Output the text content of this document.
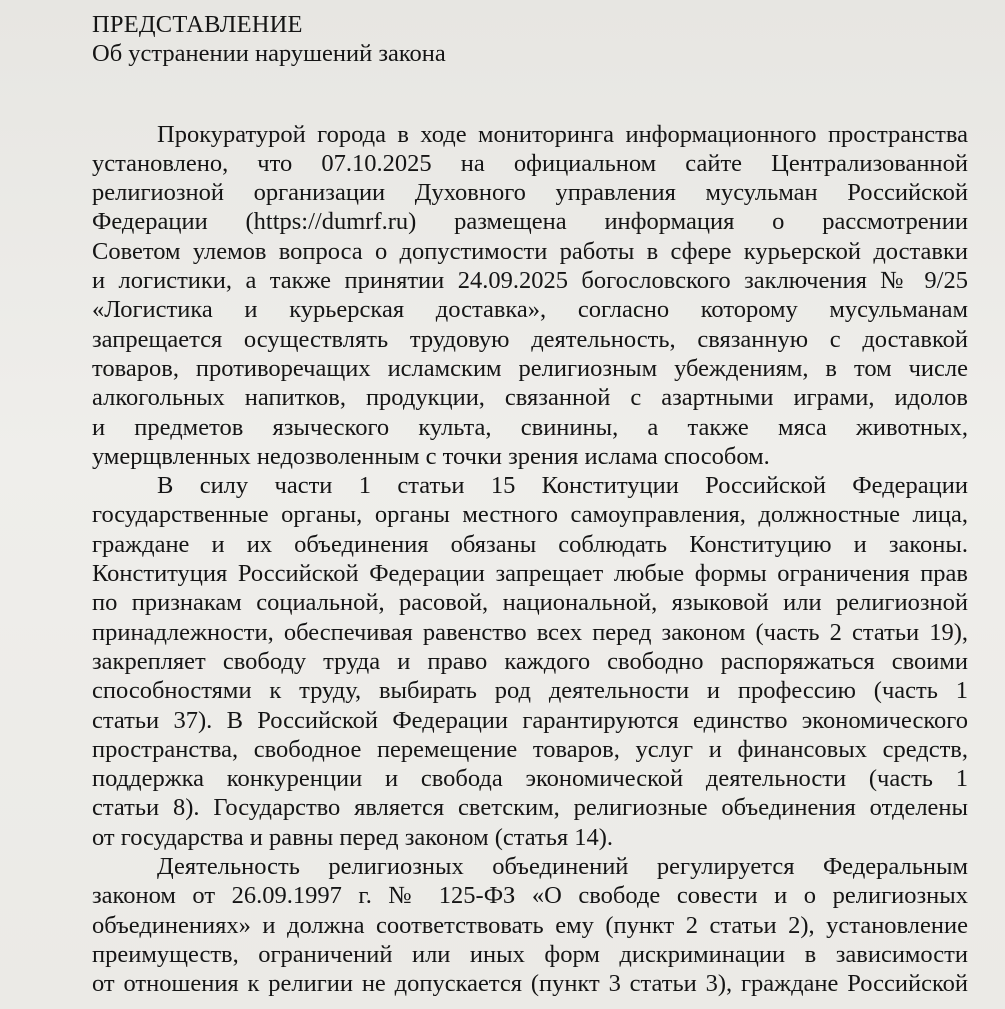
ПРЕДСТАВЛЕНИЕ
Об устранении нарушений закона

Прокуратурой города в ходе мониторинга информационного пространства
установлено, что 07.10.2025 на официальном сайте Централизованной
религиозной организации Духовного управления мусульман Российской
Федерации (https://dumrf.ru) размещена информация о рассмотрении
Советом улемов вопроса о допустимости работы в сфере курьерской доставки
и логистики, а также принятии 24.09.2025 богословского заключения № 9/25
«Логистика и курьерская доставка», согласно которому мусульманам
запрещается осуществлять трудовую деятельность, связанную с доставкой
товаров, противоречащих исламским религиозным убеждениям, в том числе
алкогольных напитков, продукции, связанной с азартными играми, идолов
и предметов языческого культа, свинины, а также мяса животных,
умерщвленных недозволенным с точки зрения ислама способом.

В силу части 1 статьи 15 Конституции Российской Федерации
государственные органы, органы местного самоуправления, должностные лица,
граждане и их объединения обязаны соблюдать Конституцию и законы.
Конституция Российской Федерации запрещает любые формы ограничения прав
по признакам социальной, расовой, национальной, языковой или религиозной
принадлежности, обеспечивая равенство всех перед законом (часть 2 статьи 19),
закрепляет свободу труда и право каждого свободно распоряжаться своими
способностями к труду, выбирать род деятельности и профессию (часть 1
статьи 37). В Российской Федерации гарантируются единство экономического
пространства, свободное перемещение товаров, услуг и финансовых средств,
поддержка конкуренции и свобода экономической деятельности (часть 1
статьи 8). Государство является светским, религиозные объединения отделены
от государства и равны перед законом (статья 14).

Деятельность религиозных объединений регулируется Федеральным
законом от 26.09.1997 г. № 125-ФЗ «О свободе совести и о религиозных
объединениях» и должна соответствовать ему (пункт 2 статьи 2), установление
преимуществ, ограничений или иных форм дискриминации в зависимости
от отношения к религии не допускается (пункт 3 статьи 3), граждане Российской
